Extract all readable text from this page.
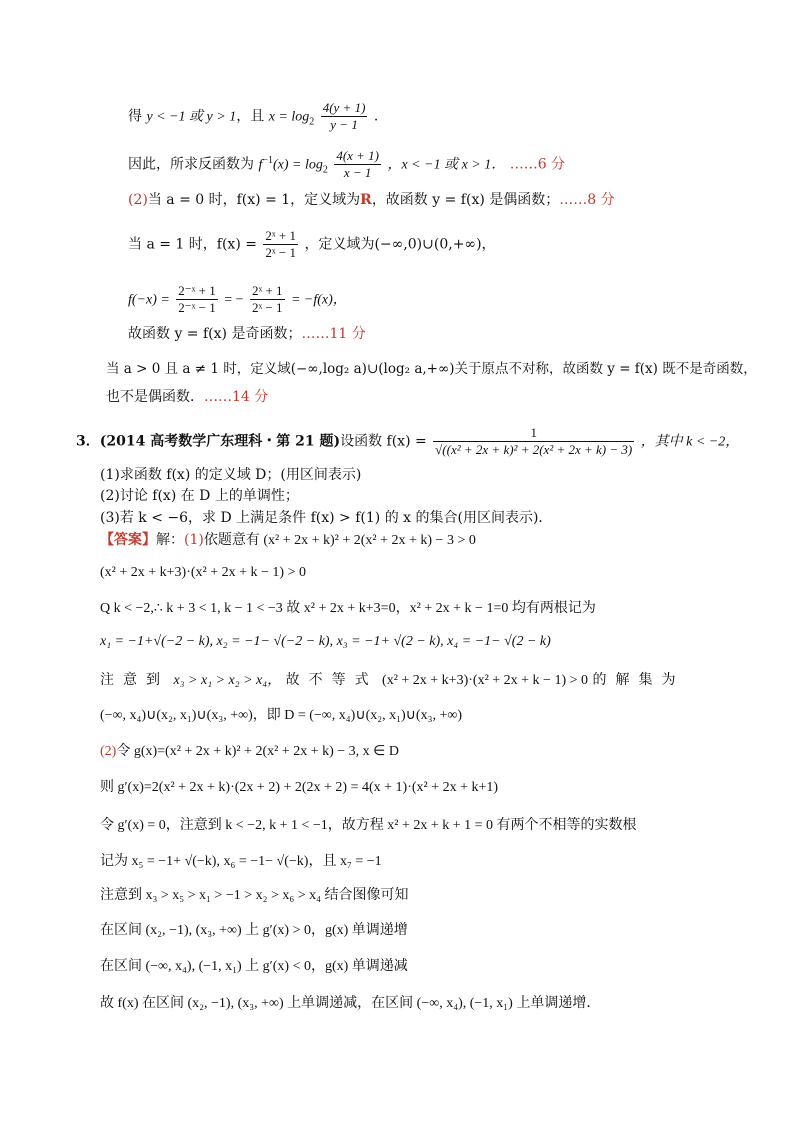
得 y < −1 或 y > 1，且 $x = \log_2 \frac{4(y + 1)}{y - 1}$ .
因此，所求反函数为 $f^{-1}(x) = \log_2 \frac{4(x + 1)}{x - 1}$ ，x < −1 或 x > 1． ……6 分
(2)当 a = 0 时，f(x) = 1，定义域为R，故函数 y = f(x) 是偶函数；……8 分
当 a = 1 时，$f(x) = \frac{\text{2ˣ + 1}}{\text{2ˣ − 1}}$ ，定义域为(−∞,0)∪(0,+∞)，
$f(-x) = \frac{\text{2⁻ˣ + 1}}{\text{2⁻ˣ − 1}}$ = − $\frac{\text{2ˣ + 1}}{\text{2ˣ − 1}} = -f(x)$，
故函数 y = f(x) 是奇函数；……11 分
当 a > 0 且 a ≠ 1 时，定义域(−∞,log₂ a)∪(log₂ a,+∞)关于原点不对称，故函数 y = f(x) 既不是奇函数，
也不是偶函数．……14 分
3．(2014 高考数学广东理科・第 21 题)设函数 $f(x) = \frac{1}{\text{√((x² + 2x + k)² + 2(x² + 2x + k) − 3)}}$ ，其中 k < −2，
(1)求函数 f(x) 的定义域 D；(用区间表示)
(2)讨论 f(x) 在 D 上的单调性；
(3)若 k < −6，求 D 上满足条件 f(x) > f(1) 的 x 的集合(用区间表示)．
【答案】解：(1)依题意有 (x² + 2x + k)² + 2(x² + 2x + k) − 3 > 0
(x² + 2x + k+3)·(x² + 2x + k − 1) > 0
Q k < −2,∴ k + 3 < 1, k − 1 < −3 故 x² + 2x + k+3=0，x² + 2x + k − 1=0 均有两根记为
x₁ = −1+√(−2 − k), x₂ = −1− √(−2 − k), x₃ = −1+ √(2 − k), x₄ = −1− √(2 − k)
注意到 x₃ > x₁ > x₂ > x₄， 故不等式 (x² + 2x + k+3)·(x² + 2x + k − 1) > 0 的解集为
(−∞, x₄)∪(x₂, x₁)∪(x₃, +∞)，即 D = (−∞, x₄)∪(x₂, x₁)∪(x₃, +∞)
(2)令 g(x)=(x² + 2x + k)² + 2(x² + 2x + k) − 3, x ∈ D
则 g′(x)=2(x² + 2x + k)·(2x + 2) + 2(2x + 2) = 4(x + 1)·(x² + 2x + k+1)
令 g′(x) = 0，注意到 k < −2, k + 1 < −1，故方程 x² + 2x + k + 1 = 0 有两个不相等的实数根
记为 x₅ = −1+ √(−k), x₆ = −1− √(−k)，且 x₇ = −1
注意到 x₃ > x₅ > x₁ > −1 > x₂ > x₆ > x₄ 结合图像可知
在区间 (x₂, −1), (x₃, +∞) 上 g′(x) > 0，g(x) 单调递增
在区间 (−∞, x₄), (−1, x₁) 上 g′(x) < 0，g(x) 单调递减
故 f(x) 在区间 (x₂, −1), (x₃, +∞) 上单调递减，在区间 (−∞, x₄), (−1, x₁) 上单调递增．
